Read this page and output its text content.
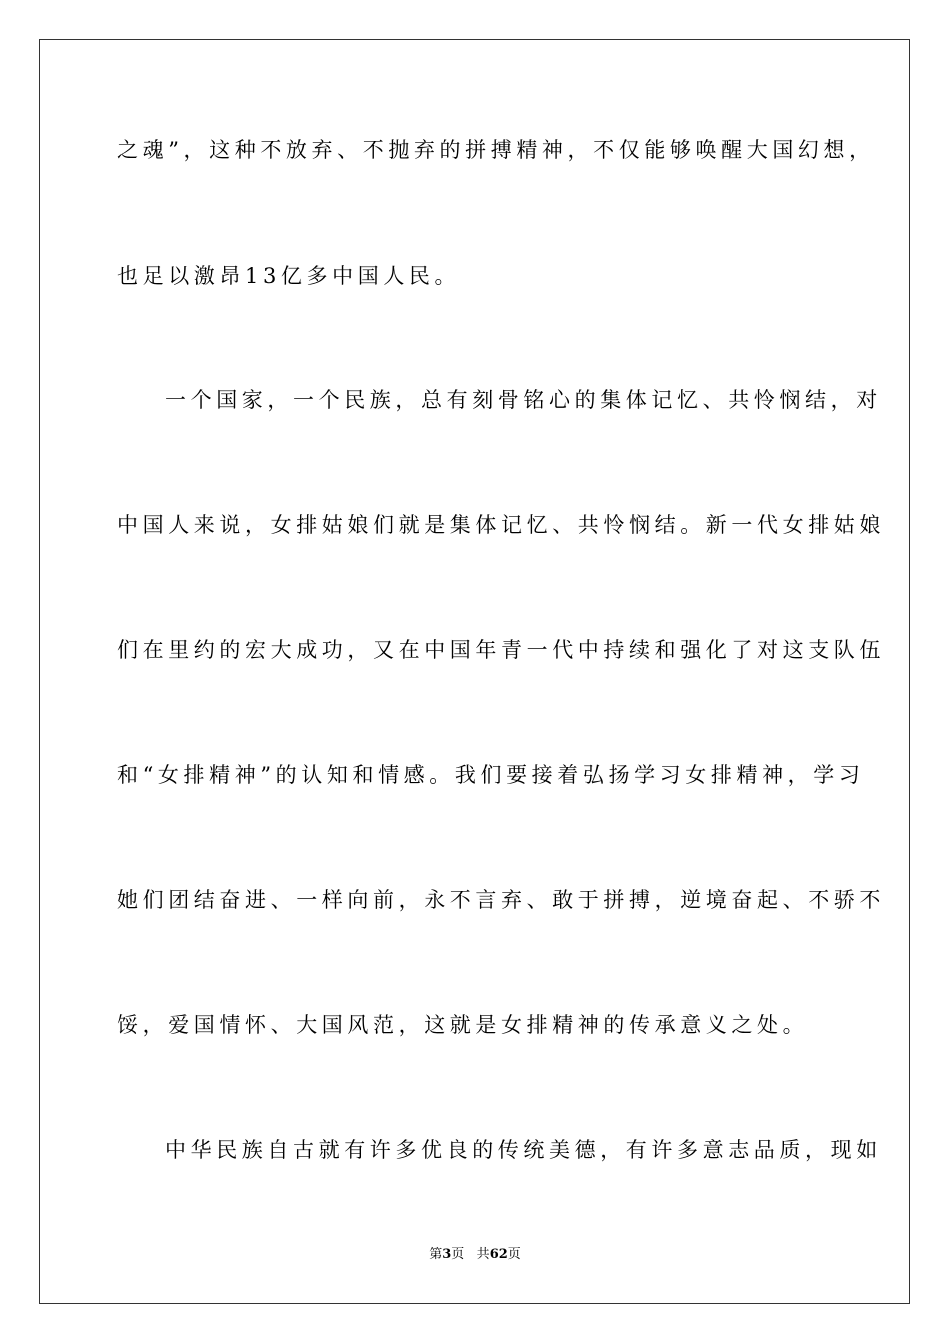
之魂”，这种不放弃、不抛弃的拼搏精神，不仅能够唤醒大国幻想，
也足以激昂13亿多中国人民。
一个国家，一个民族，总有刻骨铭心的集体记忆、共怜悯结，对
中国人来说，女排姑娘们就是集体记忆、共怜悯结。新一代女排姑娘
们在里约的宏大成功，又在中国年青一代中持续和强化了对这支队伍
和“女排精神”的认知和情感。我们要接着弘扬学习女排精神，学习
她们团结奋进、一样向前，永不言弃、敢于拼搏，逆境奋起、不骄不
馁，爱国情怀、大国风范，这就是女排精神的传承意义之处。
中华民族自古就有许多优良的传统美德，有许多意志品质，现如
第3页 共62页
